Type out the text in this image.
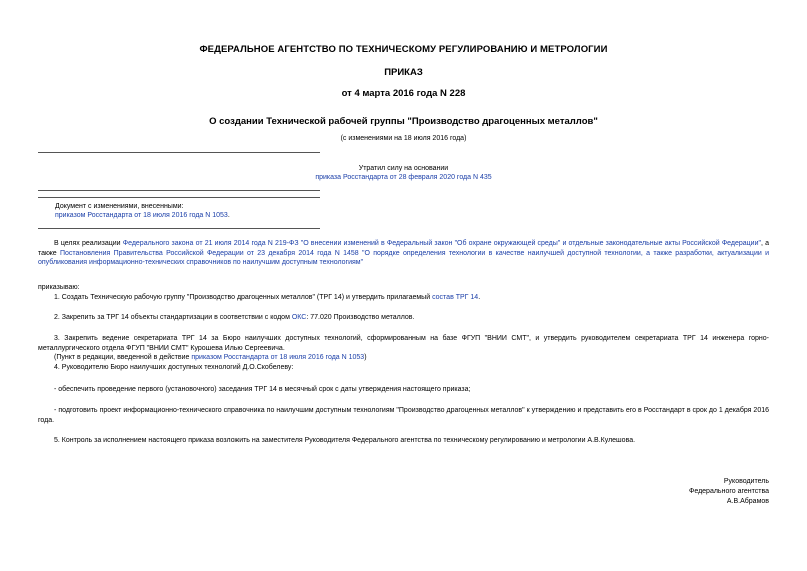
ФЕДЕРАЛЬНОЕ АГЕНТСТВО ПО ТЕХНИЧЕСКОМУ РЕГУЛИРОВАНИЮ И МЕТРОЛОГИИ
ПРИКАЗ
от 4 марта 2016 года N 228
О создании Технической рабочей группы "Производство драгоценных металлов"
(с изменениями на 18 июля 2016 года)
Утратил силу на основании
приказа Росстандарта от 28 февраля 2020 года N 435
Документ с изменениями, внесенными:
приказом Росстандарта от 18 июля 2016 года N 1053.
В целях реализации Федерального закона от 21 июля 2014 года N 219-ФЗ "О внесении изменений в Федеральный закон "Об охране окружающей среды" и отдельные законодательные акты Российской Федерации", а также Постановления Правительства Российской Федерации от 23 декабря 2014 года N 1458 "О порядке определения технологии в качестве наилучшей доступной технологии, а также разработки, актуализации и опубликования информационно-технических справочников по наилучшим доступным технологиям"
приказываю:
1. Создать Техническую рабочую группу "Производство драгоценных металлов" (ТРГ 14) и утвердить прилагаемый состав ТРГ 14.
2. Закрепить за ТРГ 14 объекты стандартизации в соответствии с кодом ОКС: 77.020 Производство металлов.
3. Закрепить ведение секретариата ТРГ 14 за Бюро наилучших доступных технологий, сформированным на базе ФГУП "ВНИИ СМТ", и утвердить руководителем секретариата ТРГ 14 инженера горно-металлургического отдела ФГУП "ВНИИ СМТ" Курошева Илью Сергеевича.
(Пункт в редакции, введенной в действие приказом Росстандарта от 18 июля 2016 года N 1053)
4. Руководителю Бюро наилучших доступных технологий Д.О.Скобелеву:
- обеспечить проведение первого (установочного) заседания ТРГ 14 в месячный срок с даты утверждения настоящего приказа;
- подготовить проект информационно-технического справочника по наилучшим доступным технологиям "Производство драгоценных металлов" к утверждению и представить его в Росстандарт в срок до 1 декабря 2016 года.
5. Контроль за исполнением настоящего приказа возложить на заместителя Руководителя Федерального агентства по техническому регулированию и метрологии А.В.Кулешова.
Руководитель
Федерального агентства
А.В.Абрамов
